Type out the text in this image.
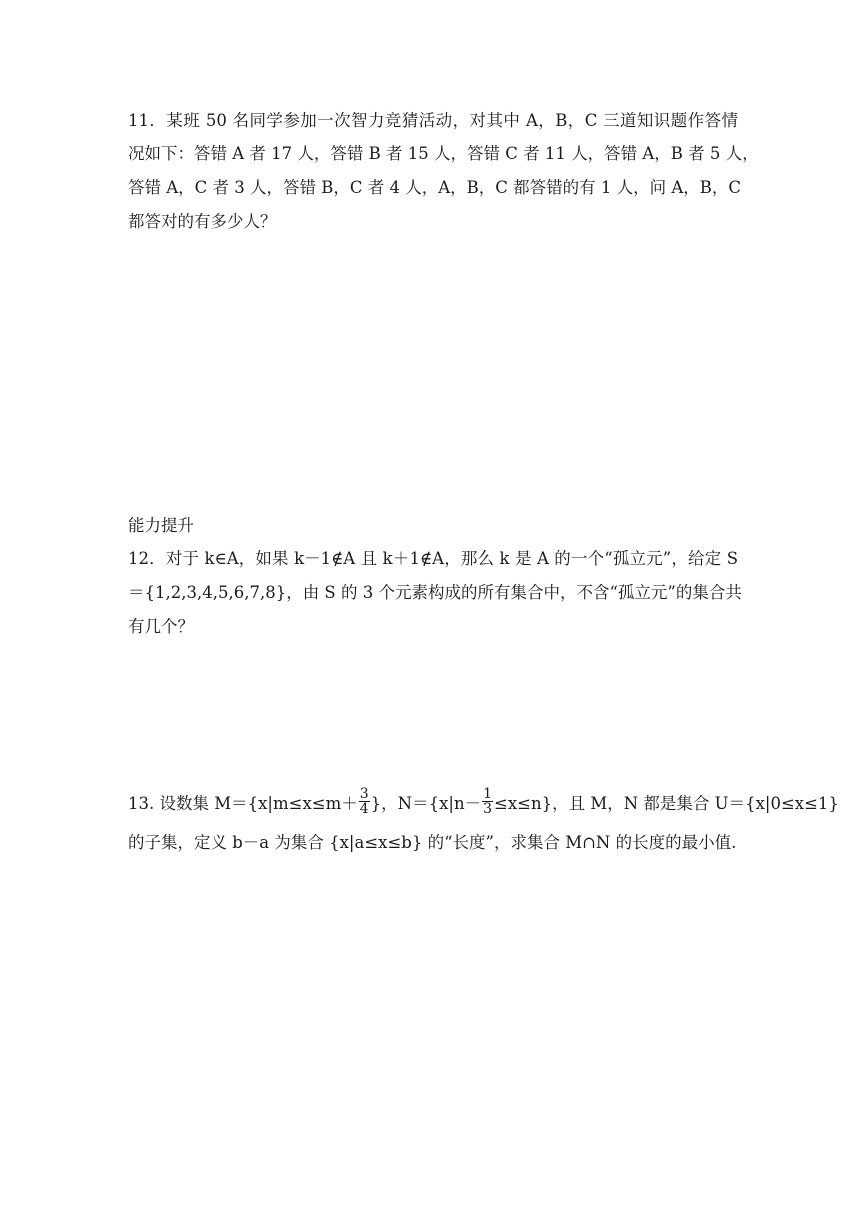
11．某班 50 名同学参加一次智力竞猜活动，对其中 A，B，C 三道知识题作答情
况如下：答错 A 者 17 人，答错 B 者 15 人，答错 C 者 11 人，答错 A，B 者 5 人，
答错 A，C 者 3 人，答错 B，C 者 4 人，A，B，C 都答错的有 1 人，问 A，B，C
都答对的有多少人？
能力提升
12．对于 k∈A，如果 k－1∉A 且 k＋1∉A，那么 k 是 A 的一个“孤立元”，给定 S
＝{1,2,3,4,5,6,7,8}，由 S 的 3 个元素构成的所有集合中，不含“孤立元”的集合共
有几个？
13. 设数集 $M=\{x|m\le x\le m+ \frac{3}{4}$ }，$N=\{x|n- \frac{1}{3} \le x\le n\}$，且 M，N 都是集合 U＝{x|0≤x≤1}
的子集，定义 b－a 为集合 {x|a≤x≤b} 的“长度”，求集合 M∩N 的长度的最小值.
